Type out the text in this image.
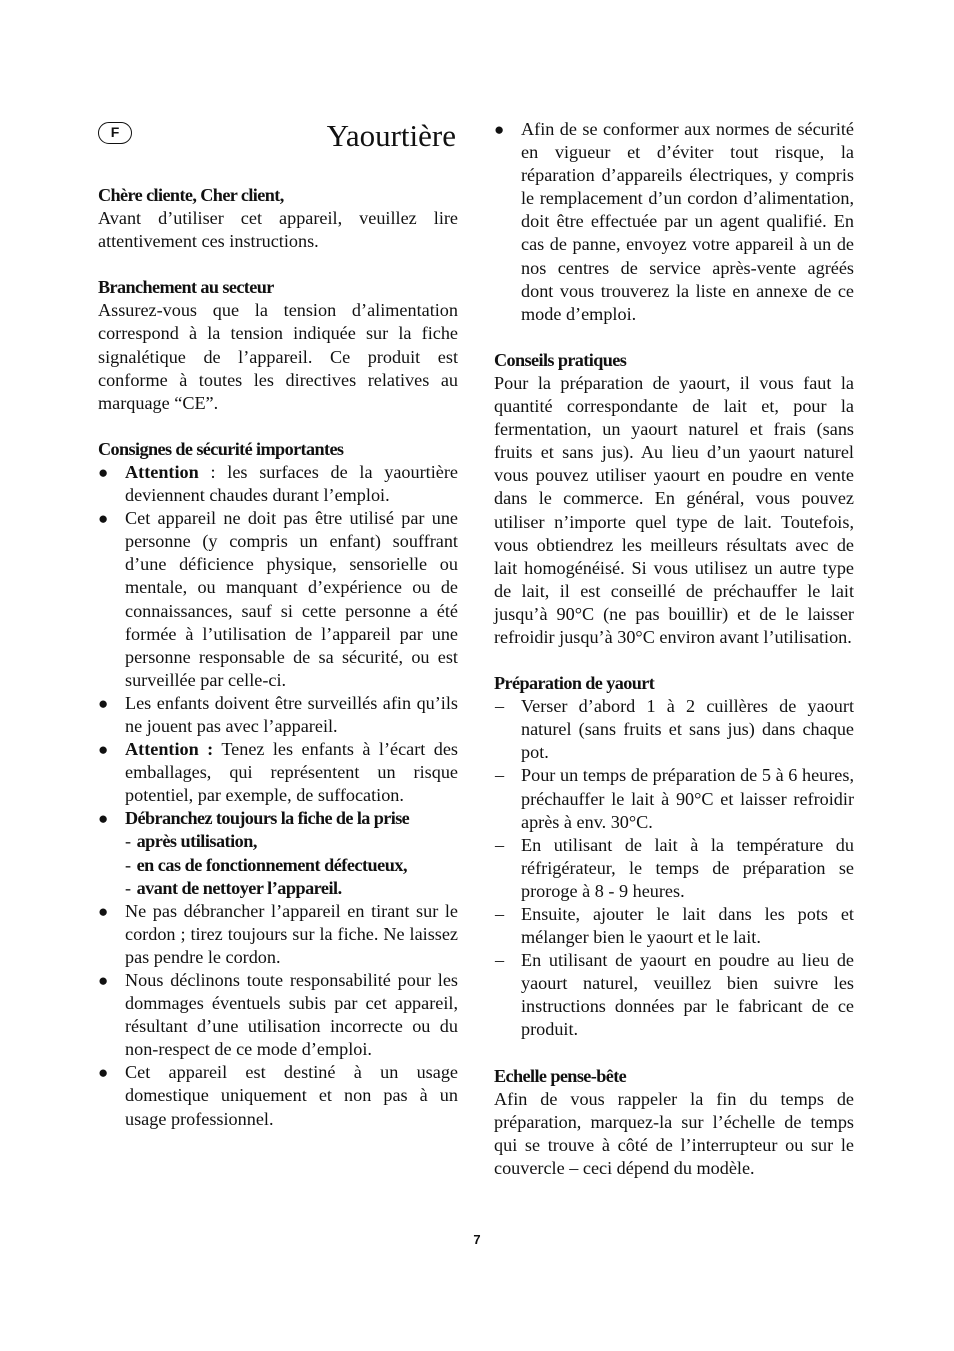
F	Yaourtière

Chère cliente, Cher client,

Avant d’utiliser cet appareil, veuillez lire attentivement ces instructions.

Branchement au secteur

Assurez-vous que la tension d’alimentation correspond à la tension indiquée sur la fiche signalétique de l’appareil. Ce produit est conforme à toutes les directives relatives au marquage “CE”.

Consignes de sécurité importantes

● Attention : les surfaces de la yaourtière deviennent chaudes durant l’emploi.
● Cet appareil ne doit pas être utilisé par une personne (y compris un enfant) souffrant d’une déficience physique, sensorielle ou mentale, ou manquant d’expérience ou de connaissances, sauf si cette personne a été formée à l’utilisation de l’appareil par une personne responsable de sa sécurité, ou est surveillée par celle-ci.
● Les enfants doivent être surveillés afin qu’ils ne jouent pas avec l’appareil.
● Attention : Tenez les enfants à l’écart des emballages, qui représentent un risque potentiel, par exemple, de suffocation.
● Débranchez toujours la fiche de la prise
- après utilisation,
- en cas de fonctionnement défectueux,
- avant de nettoyer l’appareil.
● Ne pas débrancher l’appareil en tirant sur le cordon ; tirez toujours sur la fiche. Ne laissez pas pendre le cordon.
● Nous déclinons toute responsabilité pour les dommages éventuels subis par cet appareil, résultant d’une utilisation incorrecte ou du non-respect de ce mode d’emploi.
● Cet appareil est destiné à un usage domestique uniquement et non pas à un usage professionnel.
● Afin de se conformer aux normes de sécurité en vigueur et d’éviter tout risque, la réparation d’appareils électriques, y compris le remplacement d’un cordon d’alimentation, doit être effectuée par un agent qualifié. En cas de panne, envoyez votre appareil à un de nos centres de service après-vente agréés dont vous trouverez la liste en annexe de ce mode d’emploi.

Conseils pratiques

Pour la préparation de yaourt, il vous faut la quantité correspondante de lait et, pour la fermentation, un yaourt naturel et frais (sans fruits et sans jus). Au lieu d’un yaourt naturel vous pouvez utiliser yaourt en poudre en vente dans le commerce. En général, vous pouvez utiliser n’importe quel type de lait. Toutefois, vous obtiendrez les meilleurs résultats avec de lait homogénéisé. Si vous utilisez un autre type de lait, il est conseillé de préchauffer le lait jusqu’à 90°C (ne pas bouillir) et de le laisser refroidir jusqu’à 30°C environ avant l’utilisation.

Préparation de yaourt

– Verser d’abord 1 à 2 cuillères de yaourt naturel (sans fruits et sans jus) dans chaque pot.
– Pour un temps de préparation de 5 à 6 heures, préchauffer le lait à 90°C et laisser refroidir après à env. 30°C.
– En utilisant de lait à la température du réfrigérateur, le temps de préparation se proroge à 8 - 9 heures.
– Ensuite, ajouter le lait dans les pots et mélanger bien le yaourt et le lait.
– En utilisant de yaourt en poudre au lieu de yaourt naturel, veuillez bien suivre les instructions données par le fabricant de ce produit.

Echelle pense-bête

Afin de vous rappeler la fin du temps de préparation, marquez-la sur l’échelle de temps qui se trouve à côté de l’interrupteur ou sur le couvercle – ceci dépend du modèle.

7
